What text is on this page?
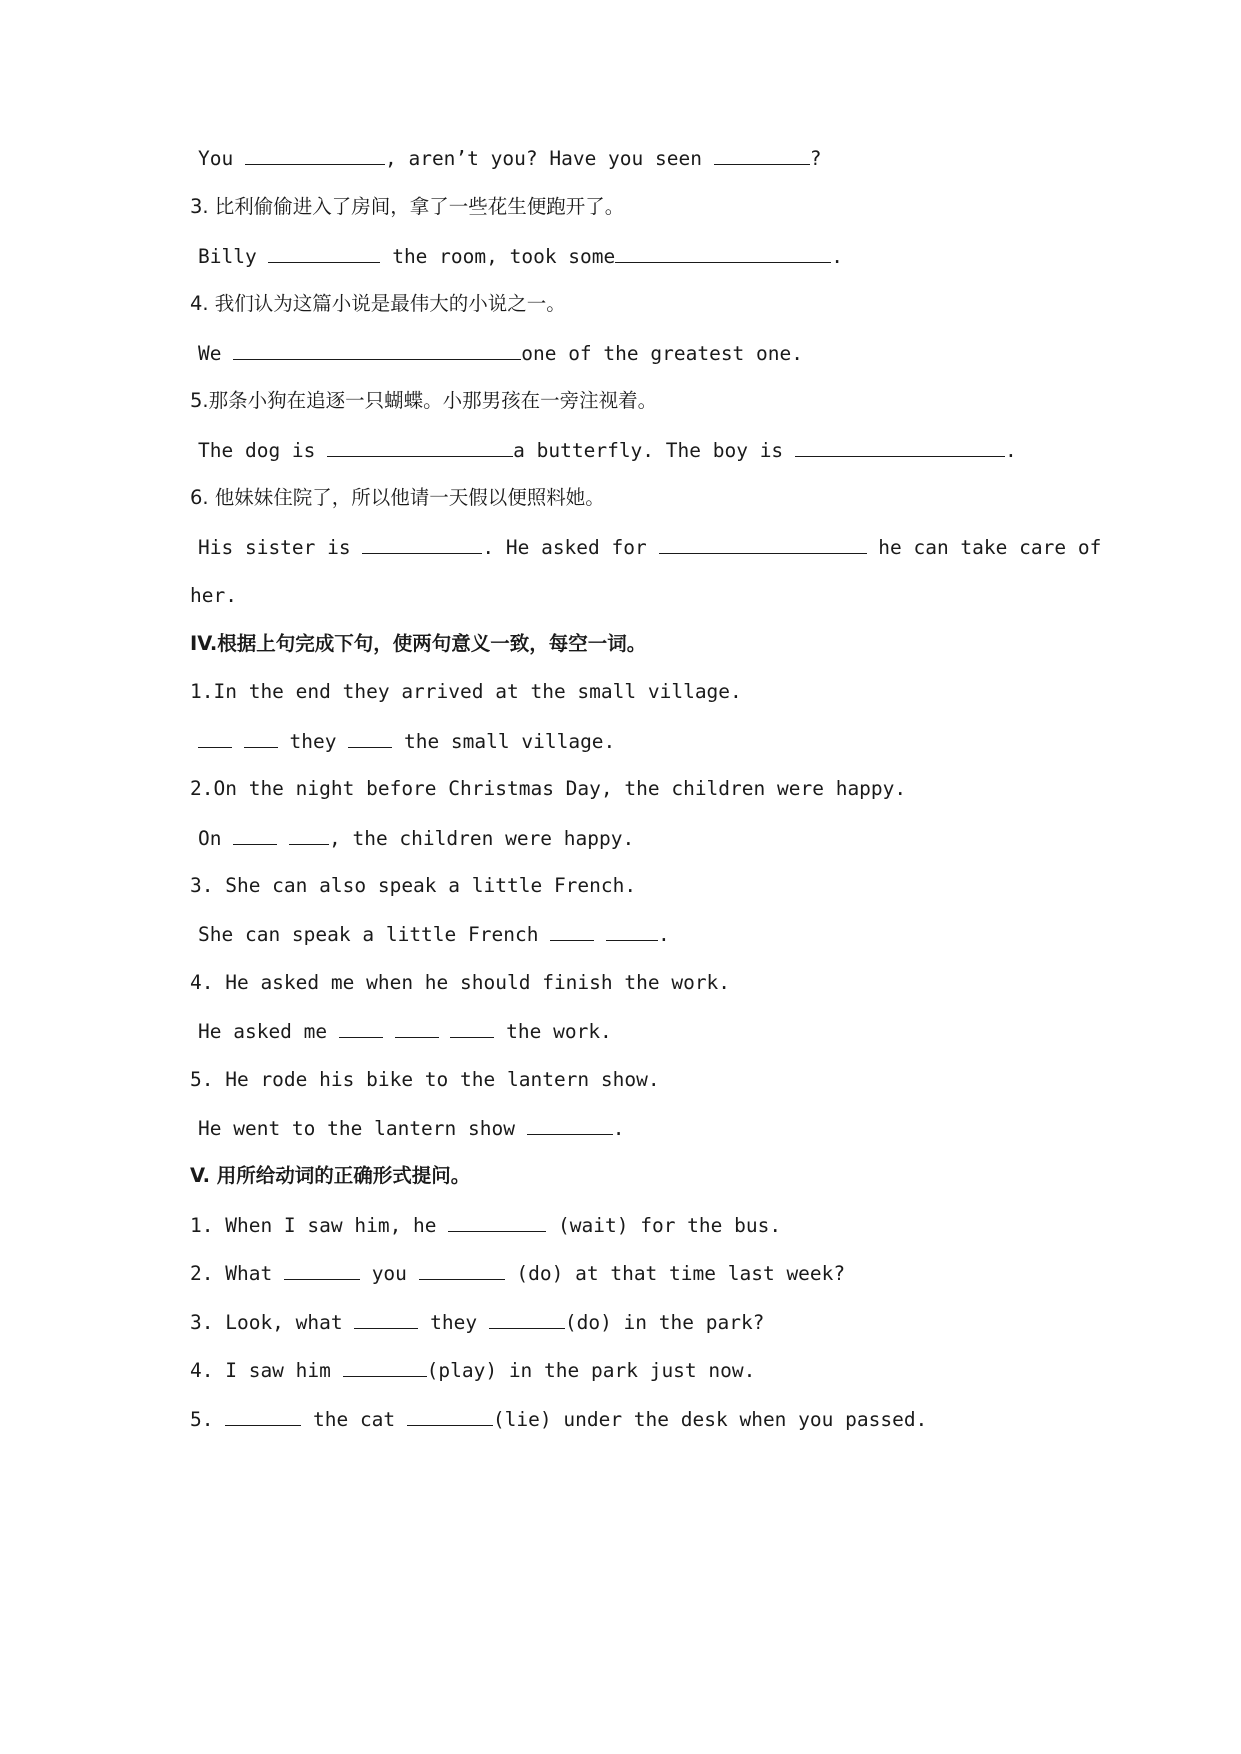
You	, aren’t you? Have you seen	?
3. 比利偷偷进入了房间，拿了一些花生便跑开了。
Billy	the room, took some	.
4. 我们认为这篇小说是最伟大的小说之一。
We	one of the greatest one.
5.那条小狗在追逐一只蝴蝶。小那男孩在一旁注视着。
The dog is	a butterfly. The boy is	.
6. 他妹妹住院了，所以他请一天假以便照料她。
His sister is	. He asked for	he can take care of
her.
IV.根据上句完成下句，使两句意义一致，每空一词。
1.In the end they arrived at the small village.
they	the small village.
2.On the night before Christmas Day, the children were happy.
On	, the children were happy.
3. She can also speak a little French.
She can speak a little French	.
4. He asked me when he should finish the work.
He asked me	the work.
5. He rode his bike to the lantern show.
He went to the lantern show	.
V. 用所给动词的正确形式提问。
1. When I saw him, he	(wait) for the bus.
2. What	you	(do) at that time last week?
3. Look, what	they	(do) in the park?
4. I saw him	(play) in the park just now.
5.	the cat	(lie) under the desk when you passed.
